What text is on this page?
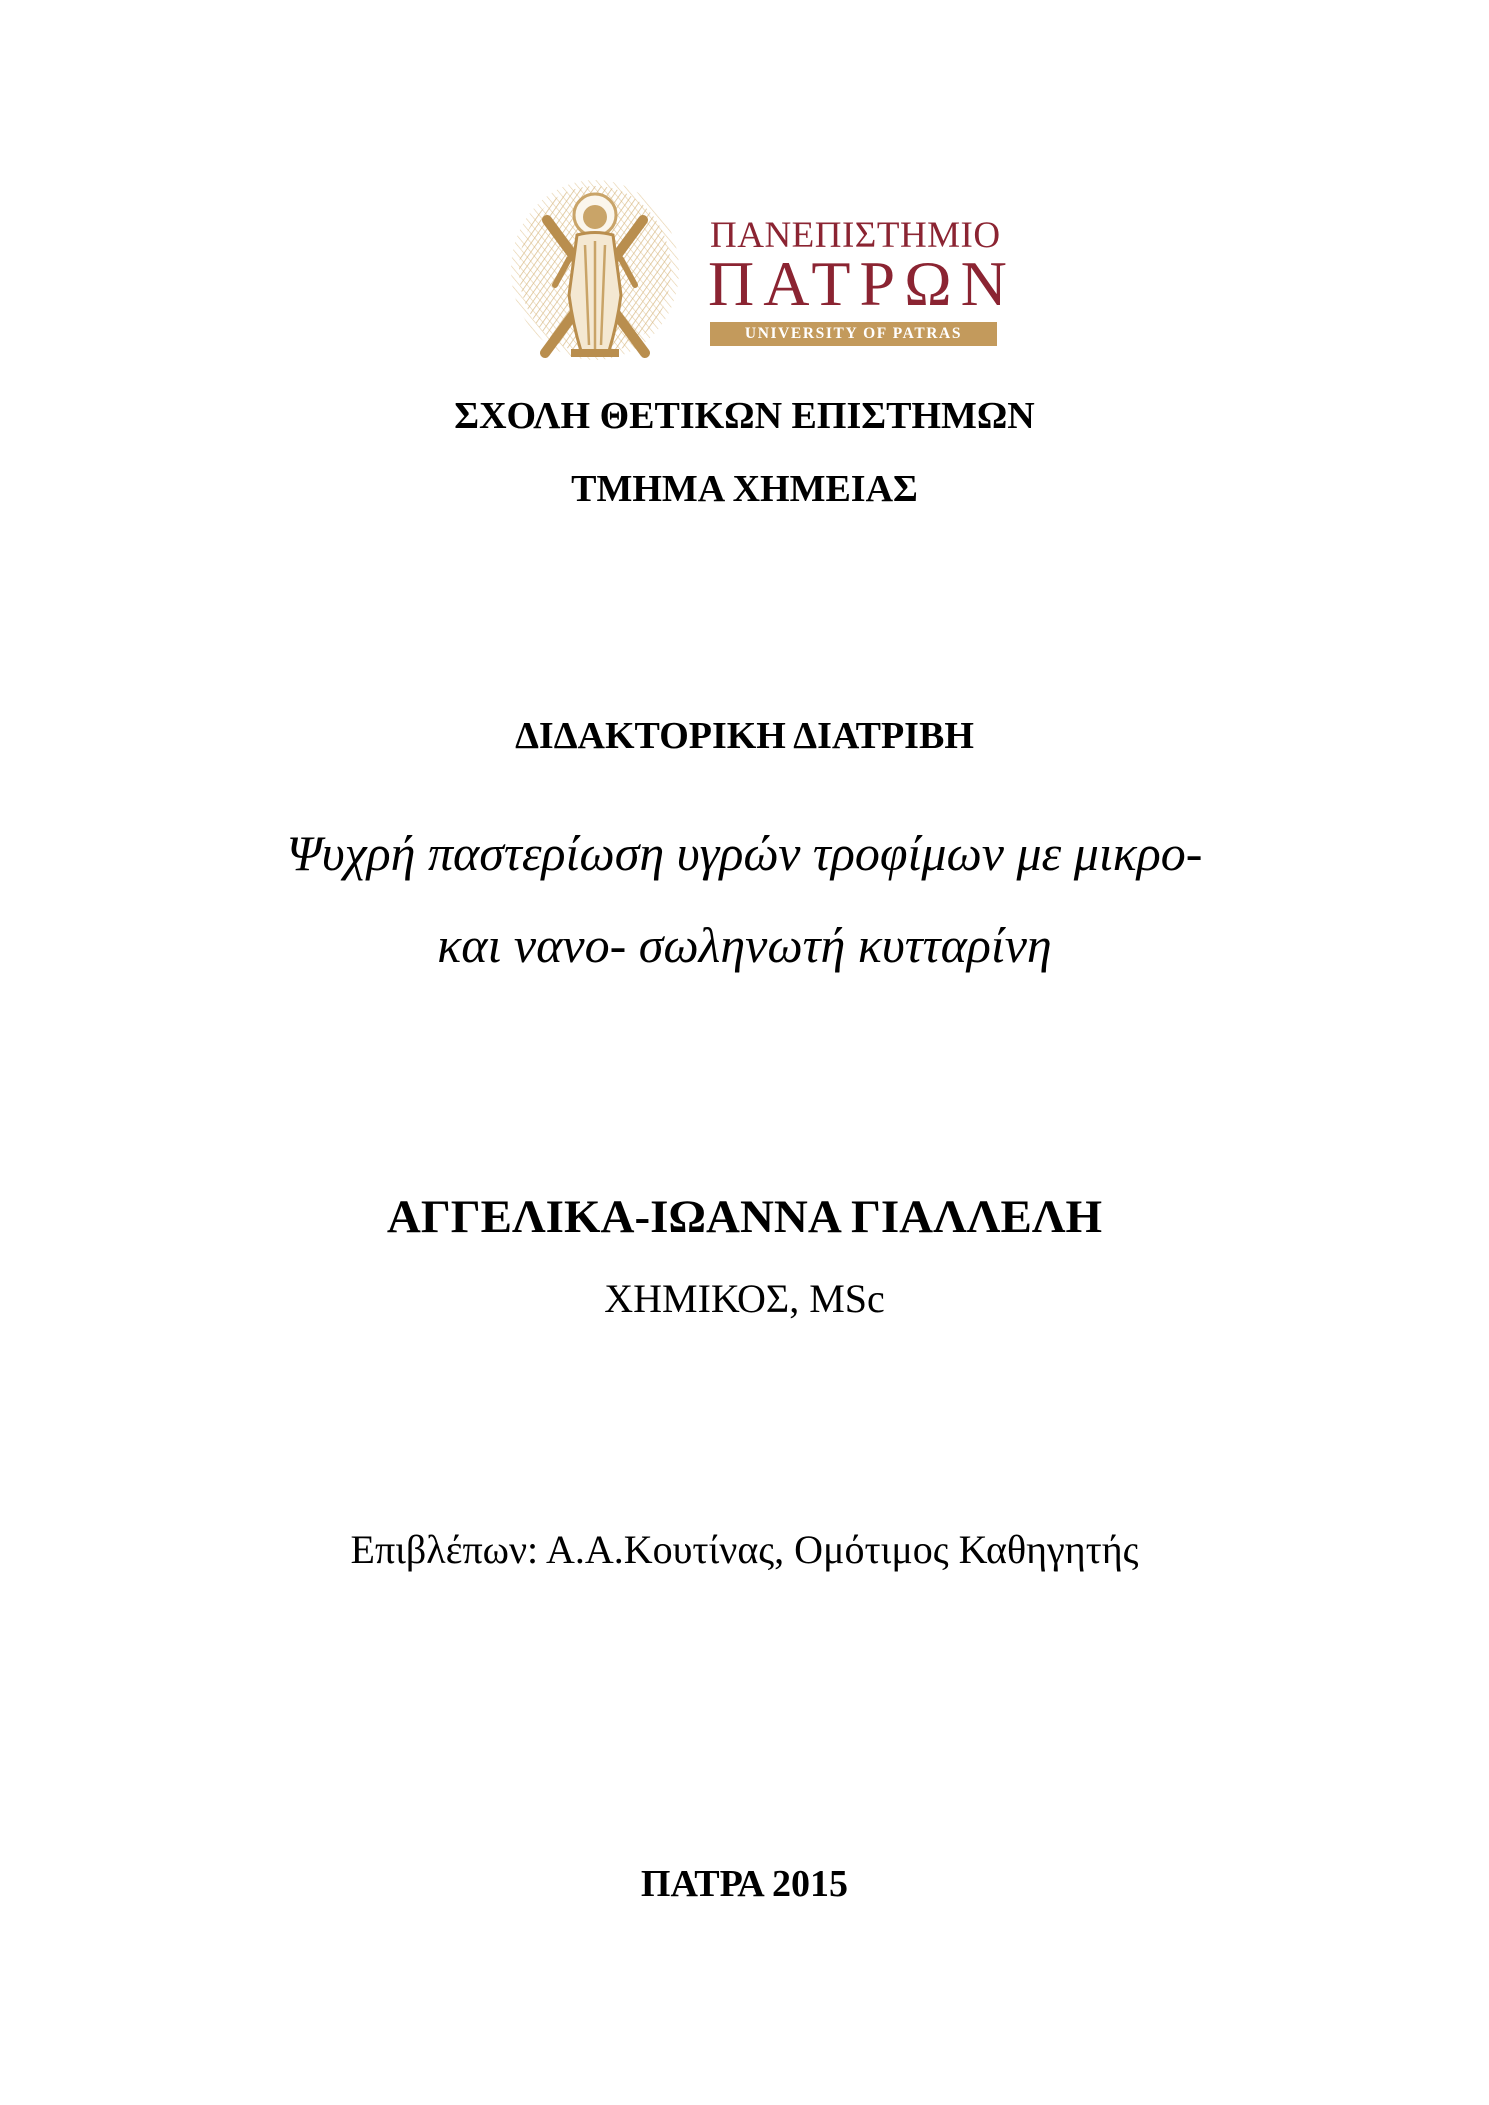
ΠΑΝΕΠΙΣΤΗΜΙΟ
ΠΑΤΡΩΝ
UNIVERSITY OF PATRAS
ΣΧΟΛΗ ΘΕΤΙΚΩΝ ΕΠΙΣΤΗΜΩΝ
ΤΜΗΜΑ ΧΗΜΕΙΑΣ
ΔΙΔΑΚΤΟΡΙΚΗ ΔΙΑΤΡΙΒΗ
Ψυχρή παστερίωση υγρών τροφίμων με μικρο-
και νανο- σωληνωτή κυτταρίνη
ΑΓΓΕΛΙΚΑ-ΙΩΑΝΝΑ ΓΙΑΛΛΕΛΗ
ΧΗΜΙΚΟΣ, MSc
Επιβλέπων: Α.Α.Κουτίνας, Ομότιμος Καθηγητής
ΠΑΤΡΑ 2015
